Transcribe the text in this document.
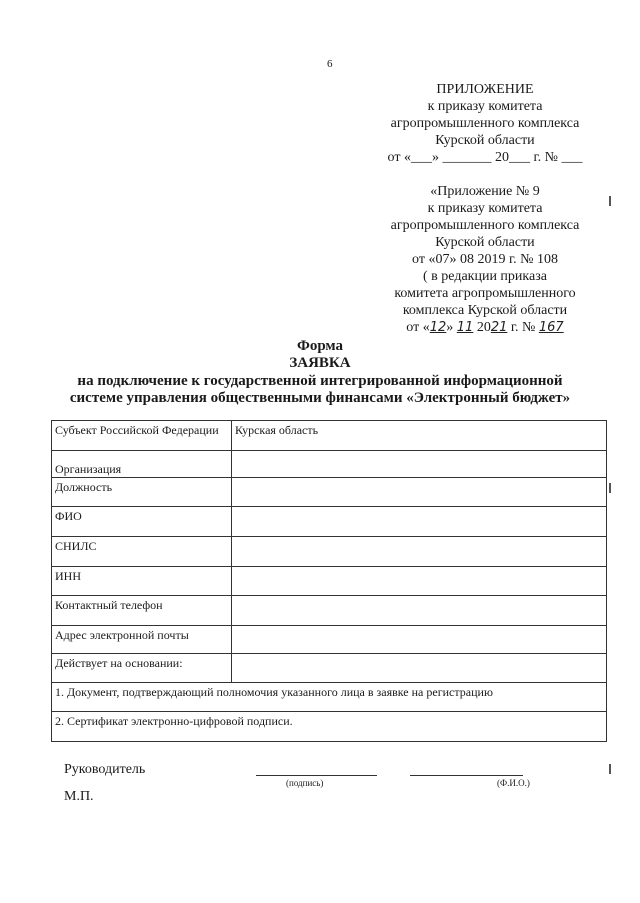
6
ПРИЛОЖЕНИЕ
к приказу комитета
агропромышленного комплекса
Курской области
от «___» _______ 20___ г. № ___
«Приложение № 9
к приказу комитета
агропромышленного комплекса
Курской области
от «07» 08 2019 г. № 108
( в редакции приказа
комитета агропромышленного
комплекса Курской области
от «12» 11 2021 г. № 167
Форма
ЗАЯВКА
на подключение к государственной интегрированной информационной
системе управления общественными финансами «Электронный бюджет»
Субъект Российской Федерации	Курская область
Организация	
Должность	
ФИО	
СНИЛС	
ИНН	
Контактный телефон	
Адрес электронной почты	
Действует на основании:	
1. Документ, подтверждающий полномочия указанного лица в заявке на регистрацию	
2. Сертификат электронно-цифровой подписи.	
Руководитель
(подпись)	(Ф.И.О.)
М.П.
